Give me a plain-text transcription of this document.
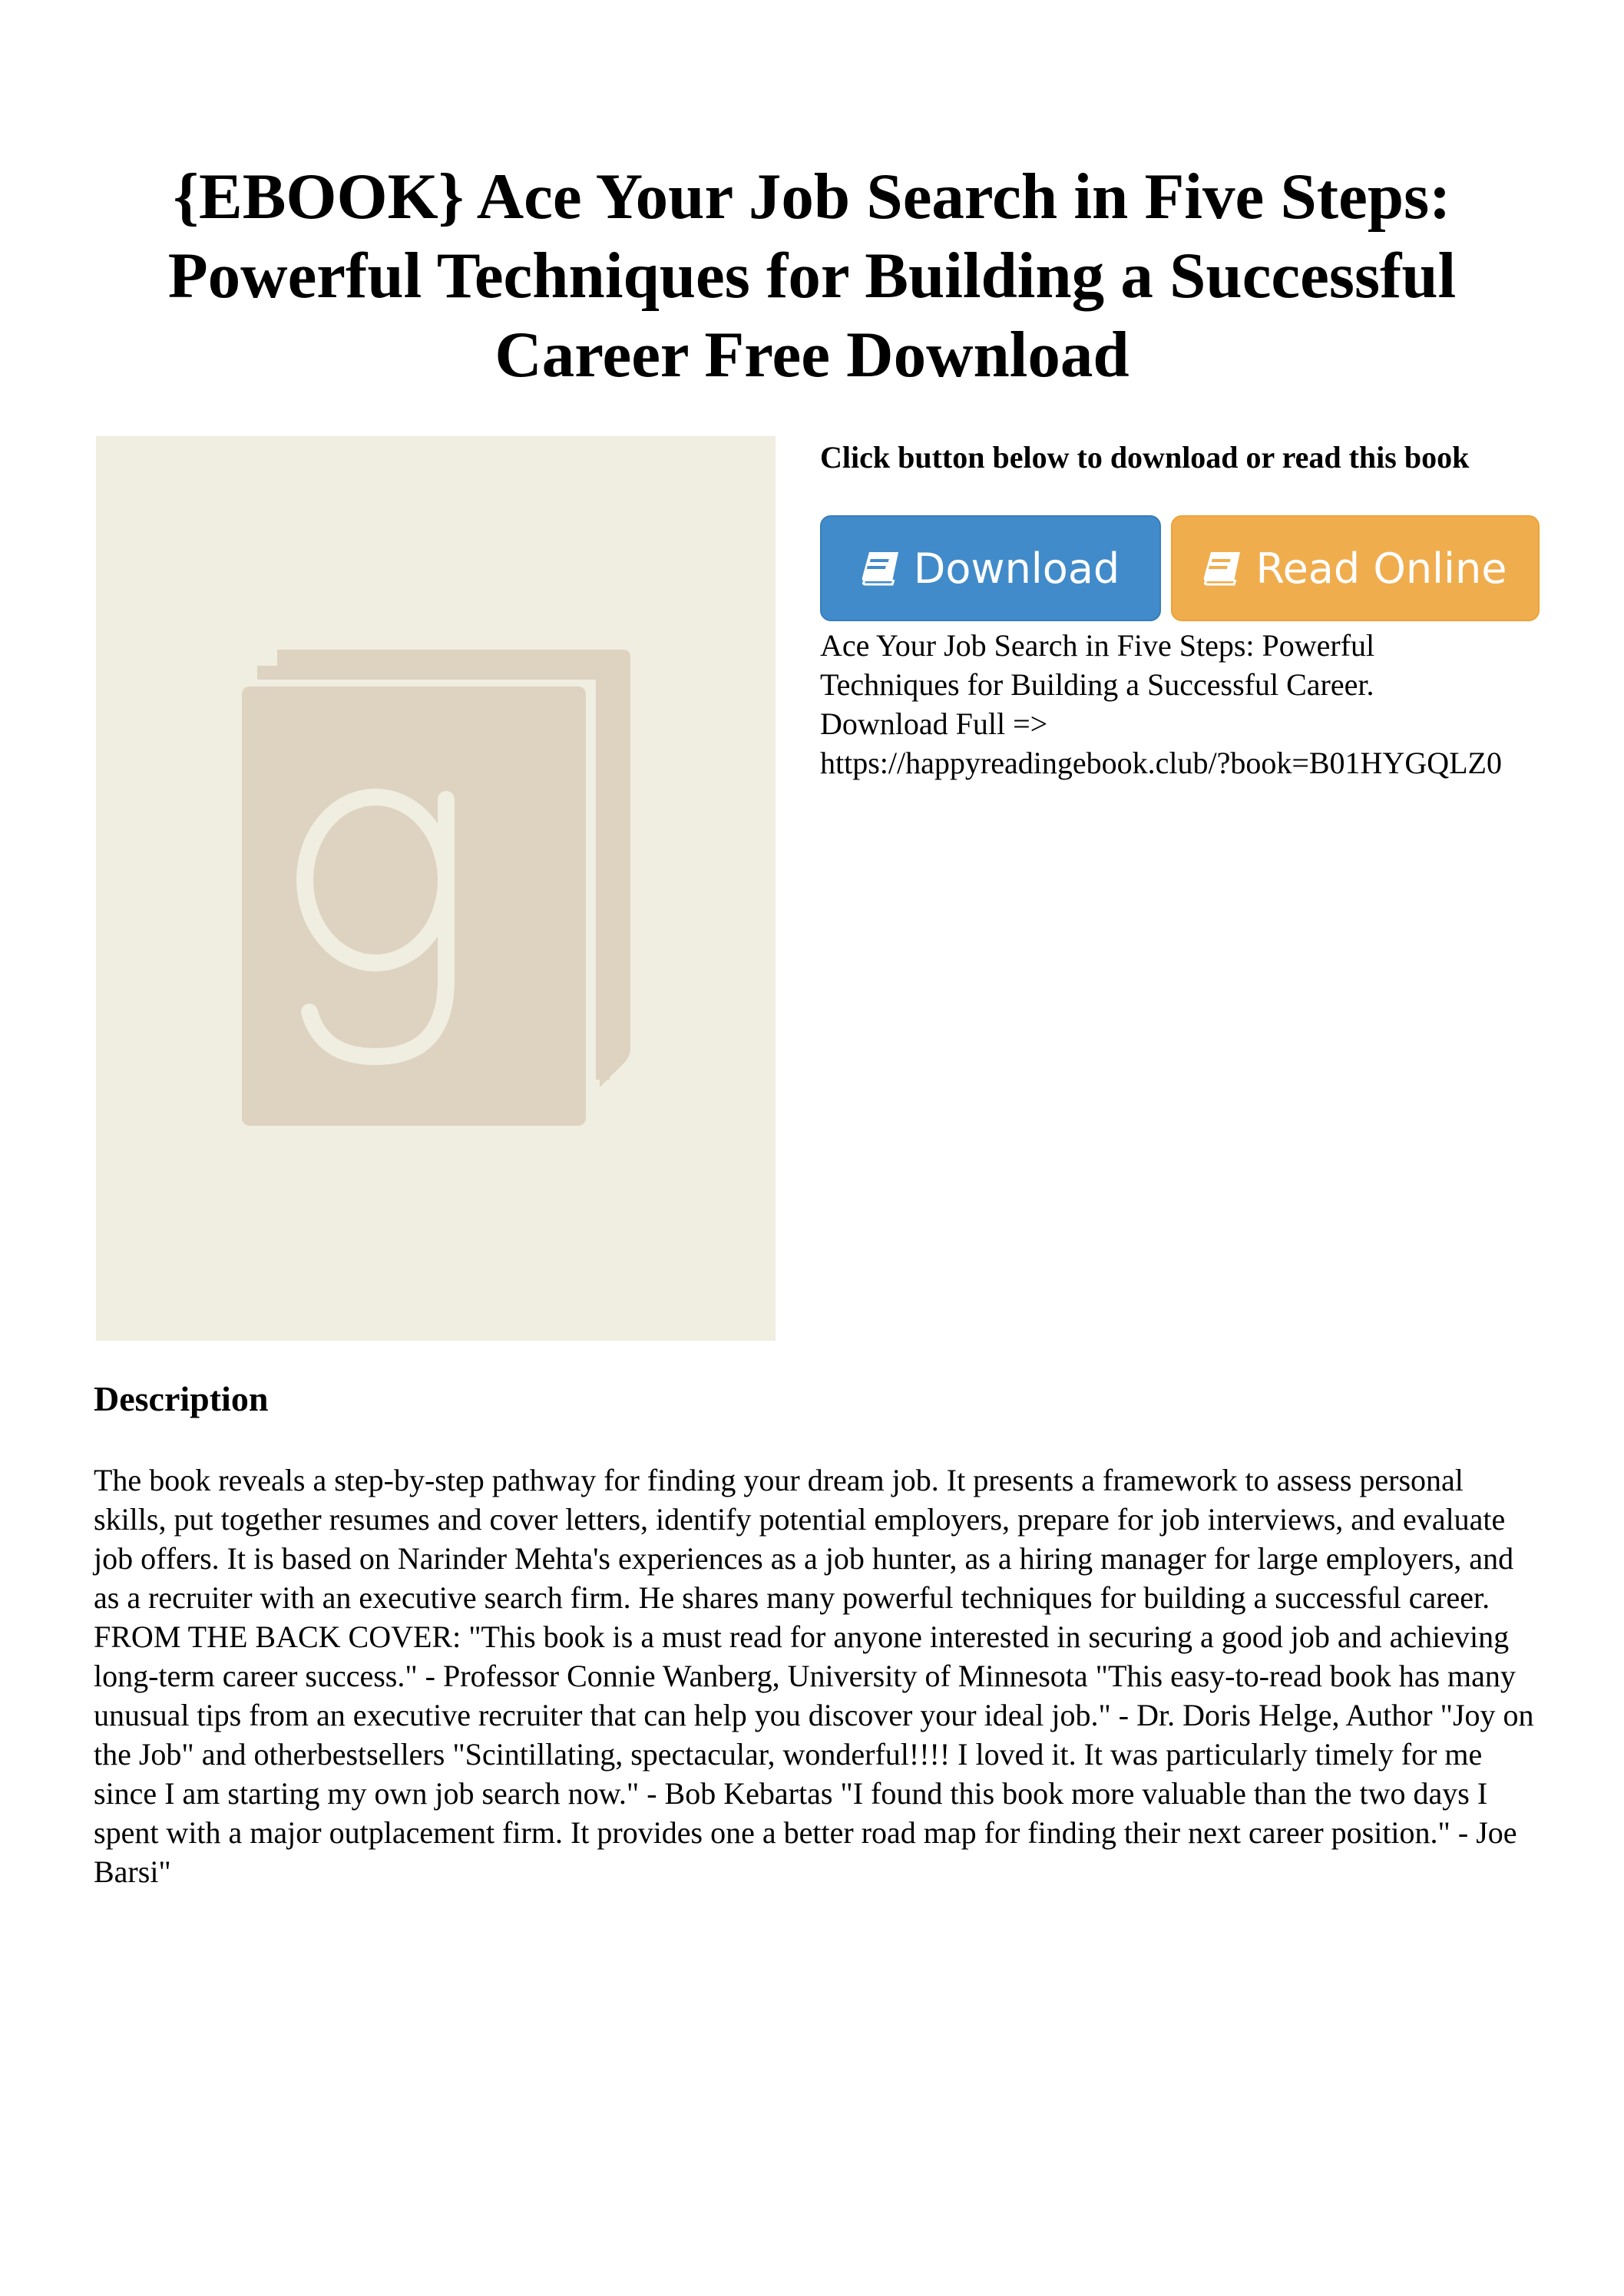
{EBOOK} Ace Your Job Search in Five Steps: Powerful Techniques for Building a Successful Career Free Download

Click button below to download or read this book

Download	Read Online

Ace Your Job Search in Five Steps: Powerful
Techniques for Building a Successful Career.
Download Full =>
https://happyreadingebook.club/?book=B01HYGQLZ0

Description

The book reveals a step-by-step pathway for finding your dream job. It presents a framework to assess personal skills, put together resumes and cover letters, identify potential employers, prepare for job interviews, and evaluate job offers. It is based on Narinder Mehta's experiences as a job hunter, as a hiring manager for large employers, and as a recruiter with an executive search firm. He shares many powerful techniques for building a successful career. FROM THE BACK COVER: "This book is a must read for anyone interested in securing a good job and achieving long-term career success." - Professor Connie Wanberg, University of Minnesota "This easy-to-read book has many unusual tips from an executive recruiter that can help you discover your ideal job." - Dr. Doris Helge, Author "Joy on the Job" and otherbestsellers "Scintillating, spectacular, wonderful!!!! I loved it. It was particularly timely for me since I am starting my own job search now." - Bob Kebartas "I found this book more valuable than the two days I spent with a major outplacement firm. It provides one a better road map for finding their next career position." - Joe Barsi"
